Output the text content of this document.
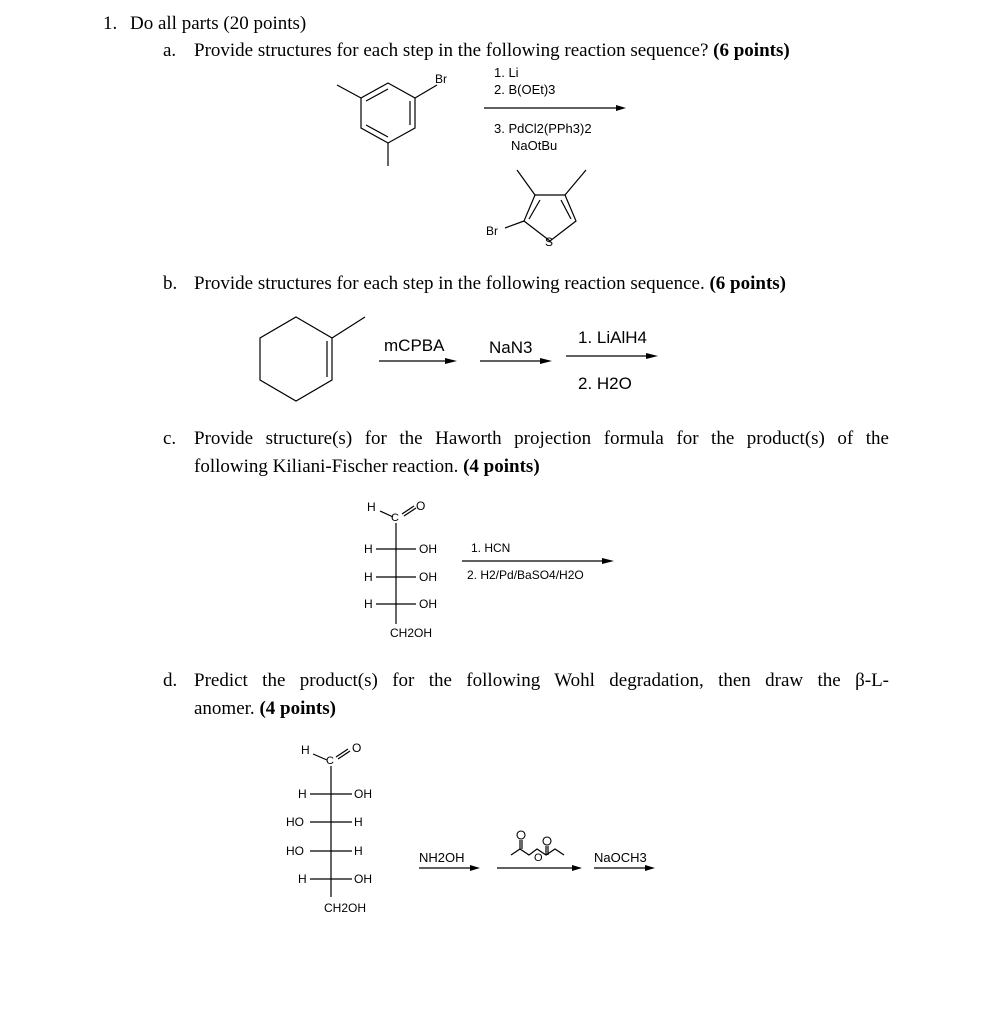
1. Do all parts (20 points)
a. Provide structures for each step in the following reaction sequence? (6 points)
b. Provide structures for each step in the following reaction sequence. (6 points)
c. Provide structure(s) for the Haworth projection formula for the product(s) of the
following Kiliani-Fischer reaction. (4 points)
d. Predict the product(s) for the following Wohl degradation, then draw the β-L-
anomer. (4 points)
Br	1. Li
2. B(OEt)3
3. PdCl2(PPh3)2
NaOtBu
Br
S
mCPBA	NaN3
1. LiAlH4
2. H2O
H
C
O
H	OH
H	OH
H	OH
CH2OH
1. HCN
2. H2/Pd/BaSO4/H2O
H
C
O
H	OH
HO	H
HO	H
H	OH
CH2OH
O
NH2OH	NaOCH3
